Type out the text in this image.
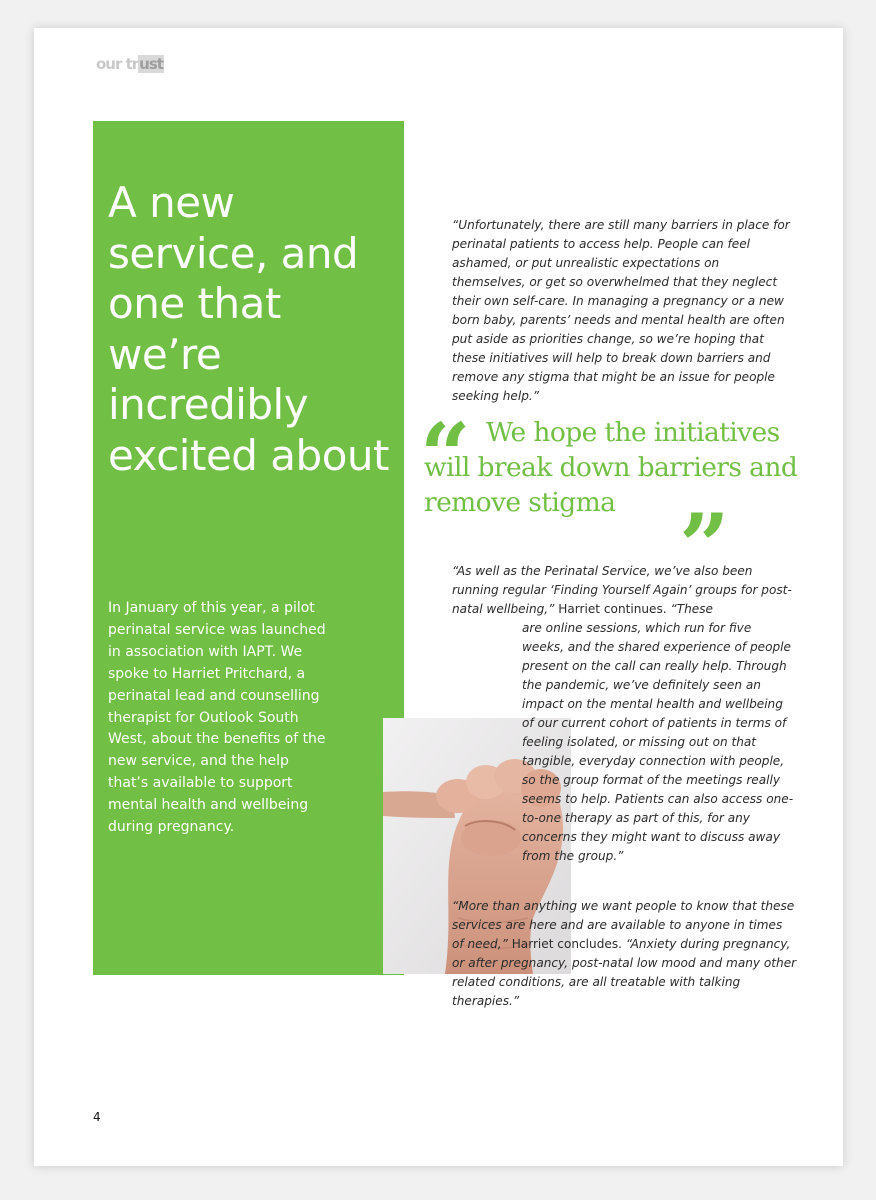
our trust
A new service, and one that we’re incredibly excited about

In January of this year, a pilot perinatal service was launched in association with IAPT. We spoke to Harriet Pritchard, a perinatal lead and counselling therapist for Outlook South West, about the benefits of the new service, and the help that’s available to support mental health and wellbeing during pregnancy.

“Unfortunately, there are still many barriers in place for perinatal patients to access help. People can feel ashamed, or put unrealistic expectations on themselves, or get so overwhelmed that they neglect their own self-care. In managing a pregnancy or a new born baby, parents’ needs and mental health are often put aside as priorities change, so we’re hoping that these initiatives will help to break down barriers and remove any stigma that might be an issue for people seeking help.”

“ We hope the initiatives will break down barriers and remove stigma ”

“As well as the Perinatal Service, we’ve also been running regular ‘Finding Yourself Again’ groups for post-natal wellbeing,” Harriet continues. “These

are online sessions, which run for five weeks, and the shared experience of people present on the call can really help. Through the pandemic, we’ve definitely seen an impact on the mental health and wellbeing of our current cohort of patients in terms of feeling isolated, or missing out on that tangible, everyday connection with people, so the group format of the meetings really seems to help. Patients can also access one-to-one therapy as part of this, for any concerns they might want to discuss away from the group.”

“More than anything we want people to know that these services are here and are available to anyone in times of need,” Harriet concludes. “Anxiety during pregnancy, or after pregnancy, post-natal low mood and many other related conditions, are all treatable with talking therapies.”

4
